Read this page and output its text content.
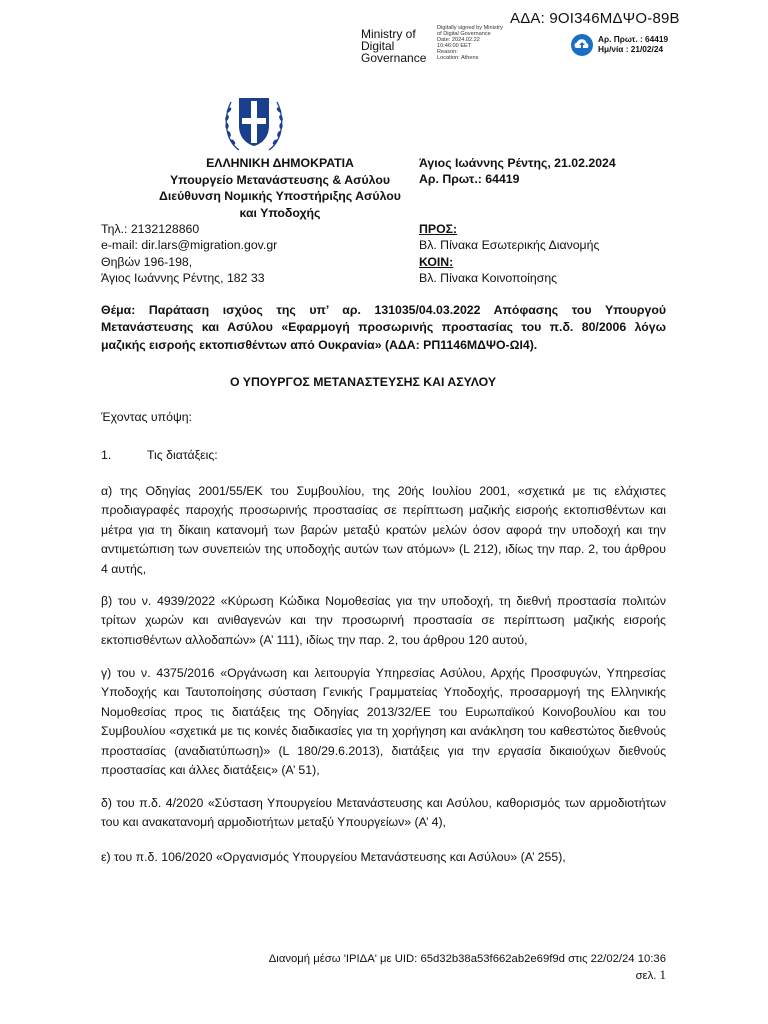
ΑΔΑ: 9ΟΙ346ΜΔΨΟ-89Β
Ministry of
Digital
Governance
Digitally signed by Ministry
of Digital Governance
Date: 2024.02.22
10:46:00 EET
Reason:
Location: Athens
Αρ. Πρωτ. : 64419
Ημ/νία : 21/02/24
ΕΛΛΗΝΙΚΗ ΔΗΜΟΚΡΑΤΙΑ
Υπουργείο Μετανάστευσης & Ασύλου
Διεύθυνση Νομικής Υποστήριξης Ασύλου και Υποδοχής
Άγιος Ιωάννης Ρέντης, 21.02.2024
Αρ. Πρωτ.: 64419
Τηλ.: 2132128860
e-mail: dir.lars@migration.gov.gr
Θηβών 196-198,
Άγιος Ιωάννης Ρέντης, 182 33
ΠΡΟΣ:
Βλ. Πίνακα Εσωτερικής Διανομής
ΚΟΙΝ:
Βλ. Πίνακα Κοινοποίησης
Θέμα: Παράταση ισχύος της υπ’ αρ. 131035/04.03.2022 Απόφασης του Υπουργού Μετανάστευσης και Ασύλου «Εφαρμογή προσωρινής προστασίας του π.δ. 80/2006 λόγω μαζικής εισροής εκτοπισθέντων από Ουκρανία» (ΑΔΑ: ΡΠ1146ΜΔΨΟ-ΩΙ4).
Ο ΥΠΟΥΡΓΟΣ ΜΕΤΑΝΑΣΤΕΥΣΗΣ ΚΑΙ ΑΣΥΛΟΥ
Έχοντας υπόψη:
1.	Τις διατάξεις:
α) της Οδηγίας 2001/55/ΕΚ του Συμβουλίου, της 20ής Ιουλίου 2001, «σχετικά με τις ελάχιστες προδιαγραφές παροχής προσωρινής προστασίας σε περίπτωση μαζικής εισροής εκτοπισθέντων και μέτρα για τη δίκαιη κατανομή των βαρών μεταξύ κρατών μελών όσον αφορά την υποδοχή και την αντιμετώπιση των συνεπειών της υποδοχής αυτών των ατόμων» (L 212), ιδίως την παρ. 2, του άρθρου 4 αυτής,
β) του ν. 4939/2022 «Κύρωση Κώδικα Νομοθεσίας για την υποδοχή, τη διεθνή προστασία πολιτών τρίτων χωρών και ανιθαγενών και την προσωρινή προστασία σε περίπτωση μαζικής εισροής εκτοπισθέντων αλλοδαπών» (Α’ 111), ιδίως την παρ. 2, του άρθρου 120 αυτού,
γ) του ν. 4375/2016 «Οργάνωση και λειτουργία Υπηρεσίας Ασύλου, Αρχής Προσφυγών, Υπηρεσίας Υποδοχής και Ταυτοποίησης σύσταση Γενικής Γραμματείας Υποδοχής, προσαρμογή της Ελληνικής Νομοθεσίας προς τις διατάξεις της Οδηγίας 2013/32/ΕΕ του Ευρωπαϊκού Κοινοβουλίου και του Συμβουλίου «σχετικά με τις κοινές διαδικασίες για τη χορήγηση και ανάκληση του καθεστώτος διεθνούς προστασίας (αναδιατύπωση)» (L 180/29.6.2013), διατάξεις για την εργασία δικαιούχων διεθνούς προστασίας και άλλες διατάξεις» (Α’ 51),
δ) του π.δ. 4/2020 «Σύσταση Υπουργείου Μετανάστευσης και Ασύλου, καθορισμός των αρμοδιοτήτων του και ανακατανομή αρμοδιοτήτων μεταξύ Υπουργείων» (Α’ 4),
ε) του π.δ. 106/2020 «Οργανισμός Υπουργείου Μετανάστευσης και Ασύλου» (Α’ 255),
Διανομή μέσω 'ΙΡΙΔΑ' με UID: 65d32b38a53f662ab2e69f9d στις 22/02/24 10:36
σελ. 1
